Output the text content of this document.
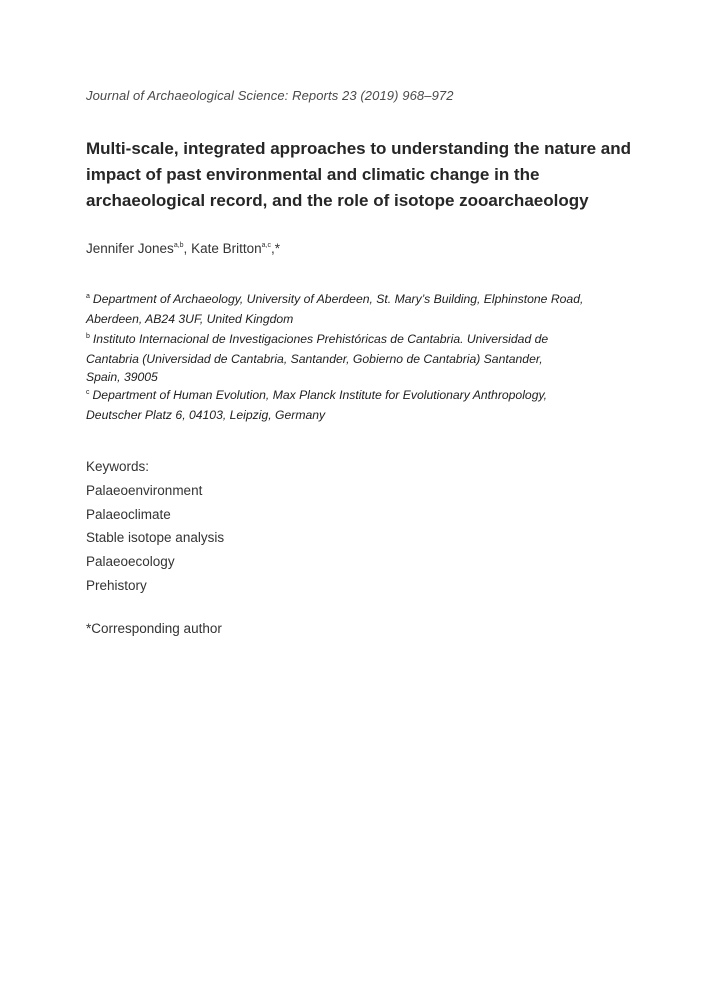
Journal of Archaeological Science: Reports 23 (2019) 968–972
Multi-scale, integrated approaches to understanding the nature and
impact of past environmental and climatic change in the
archaeological record, and the role of isotope zooarchaeology
Jennifer Jones$^{a,b}$, Kate Britton$^{a,c}$,*
$^a$ Department of Archaeology, University of Aberdeen, St. Mary’s Building, Elphinstone Road,
Aberdeen, AB24 3UF, United Kingdom
$^b$ Instituto Internacional de Investigaciones Prehistóricas de Cantabria. Universidad de
Cantabria (Universidad de Cantabria, Santander, Gobierno de Cantabria) Santander,
Spain, 39005
$^c$ Department of Human Evolution, Max Planck Institute for Evolutionary Anthropology,
Deutscher Platz 6, 04103, Leipzig, Germany
Keywords:
Palaeoenvironment
Palaeoclimate
Stable isotope analysis
Palaeoecology
Prehistory
*Corresponding author
